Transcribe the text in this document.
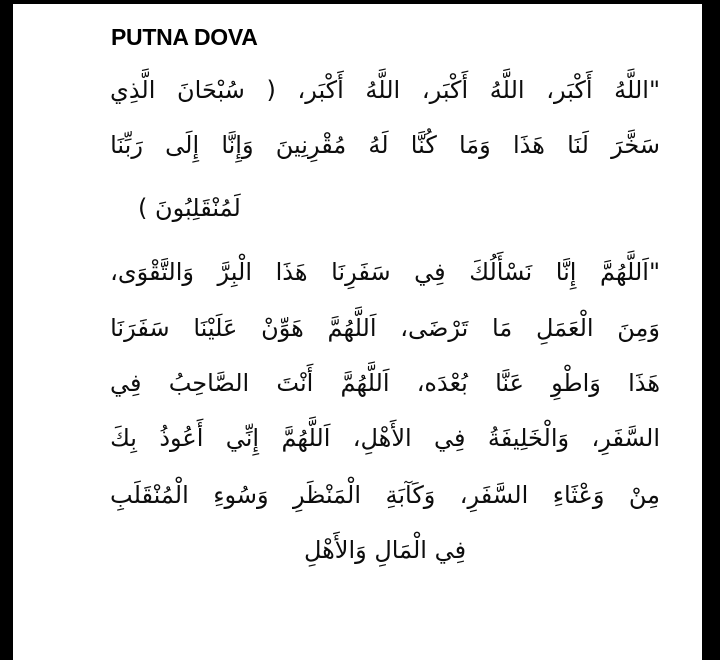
PUTNA DOVA
"اللَّهُ
أَكْبَر،
اللَّهُ
أَكْبَر،
اللَّهُ
أَكْبَر،
(
سُبْحَانَ
الَّذِي
سَخَّرَ
لَنَا
هَذَا
وَمَا
كُنَّا
لَهُ
مُقْرِنِينَ
وَإِنَّا
إِلَى
رَبِّنَا
لَمُنْقَلِبُونَ )
"اَللَّهُمَّ
إِنَّا
نَسْأَلُكَ
فِي
سَفَرِنَا
هَذَا
الْبِرَّ
وَالتَّقْوَى،
وَمِنَ
الْعَمَلِ
مَا
تَرْضَى،
اَللَّهُمَّ
هَوِّنْ
عَلَيْنَا
سَفَرَنَا
هَذَا
وَاطْوِ
عَنَّا
بُعْدَه،
اَللَّهُمَّ
أَنْتَ
الصَّاحِبُ
فِي
السَّفَرِ،
وَالْخَلِيفَةُ
فِي
الأَهْلِ،
اَللَّهُمَّ
إِنِّي
أَعُوذُ
بِكَ
مِنْ
وَعْثَاءِ
السَّفَرِ،
وَكَآبَةِ
الْمَنْظَرِ
وَسُوءِ
الْمُنْقَلَبِ
فِي الْمَالِ وَالأَهْلِ
